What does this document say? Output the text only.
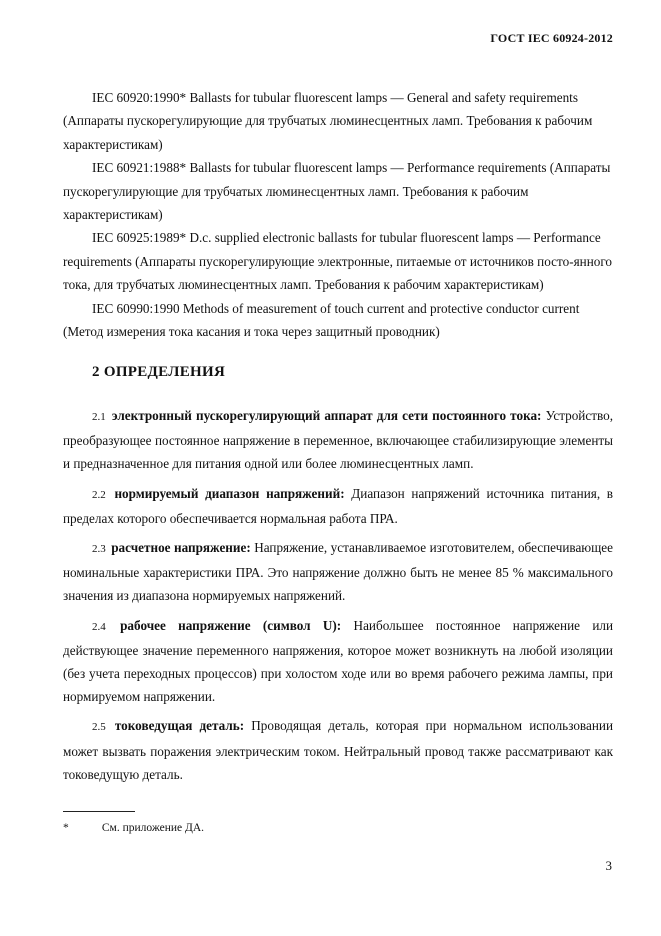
ГОСТ IEC 60924-2012

IEC 60920:1990* Ballasts for tubular fluorescent lamps — General and safety requirements (Аппараты пускорегулирующие для трубчатых люминесцентных ламп. Требования к рабочим характеристикам)

IEC 60921:1988* Ballasts for tubular fluorescent lamps — Performance requirements (Аппараты пускорегулирующие для трубчатых люминесцентных ламп. Требования к рабочим характеристикам)

IEC 60925:1989* D.c. supplied electronic ballasts for tubular fluorescent lamps — Performance requirements (Аппараты пускорегулирующие электронные, питаемые от источников посто-янного тока, для трубчатых люминесцентных ламп. Требования к рабочим характеристикам)

IEC 60990:1990 Methods of measurement of touch current and protective conductor current (Метод измерения тока касания и тока через защитный проводник)

2 ОПРЕДЕЛЕНИЯ

2.1 электронный пускорегулирующий аппарат для сети постоянного тока: Устройство, преобразующее постоянное напряжение в переменное, включающее стабилизирующие элементы и предназначенное для питания одной или более люминесцентных ламп.

2.2 нормируемый диапазон напряжений: Диапазон напряжений источника питания, в пределах которого обеспечивается нормальная работа ПРА.

2.3 расчетное напряжение: Напряжение, устанавливаемое изготовителем, обеспечивающее номинальные характеристики ПРА. Это напряжение должно быть не менее 85 % максимального значения из диапазона нормируемых напряжений.

2.4 рабочее напряжение (символ U): Наибольшее постоянное напряжение или действующее значение переменного напряжения, которое может возникнуть на любой изоляции (без учета переходных процессов) при холостом ходе или во время рабочего режима лампы, при нормируемом напряжении.

2.5 токоведущая деталь: Проводящая деталь, которая при нормальном использовании может вызвать поражения электрическим током. Нейтральный провод также рассматривают как токоведущую деталь.

*	См. приложение ДА.
3
